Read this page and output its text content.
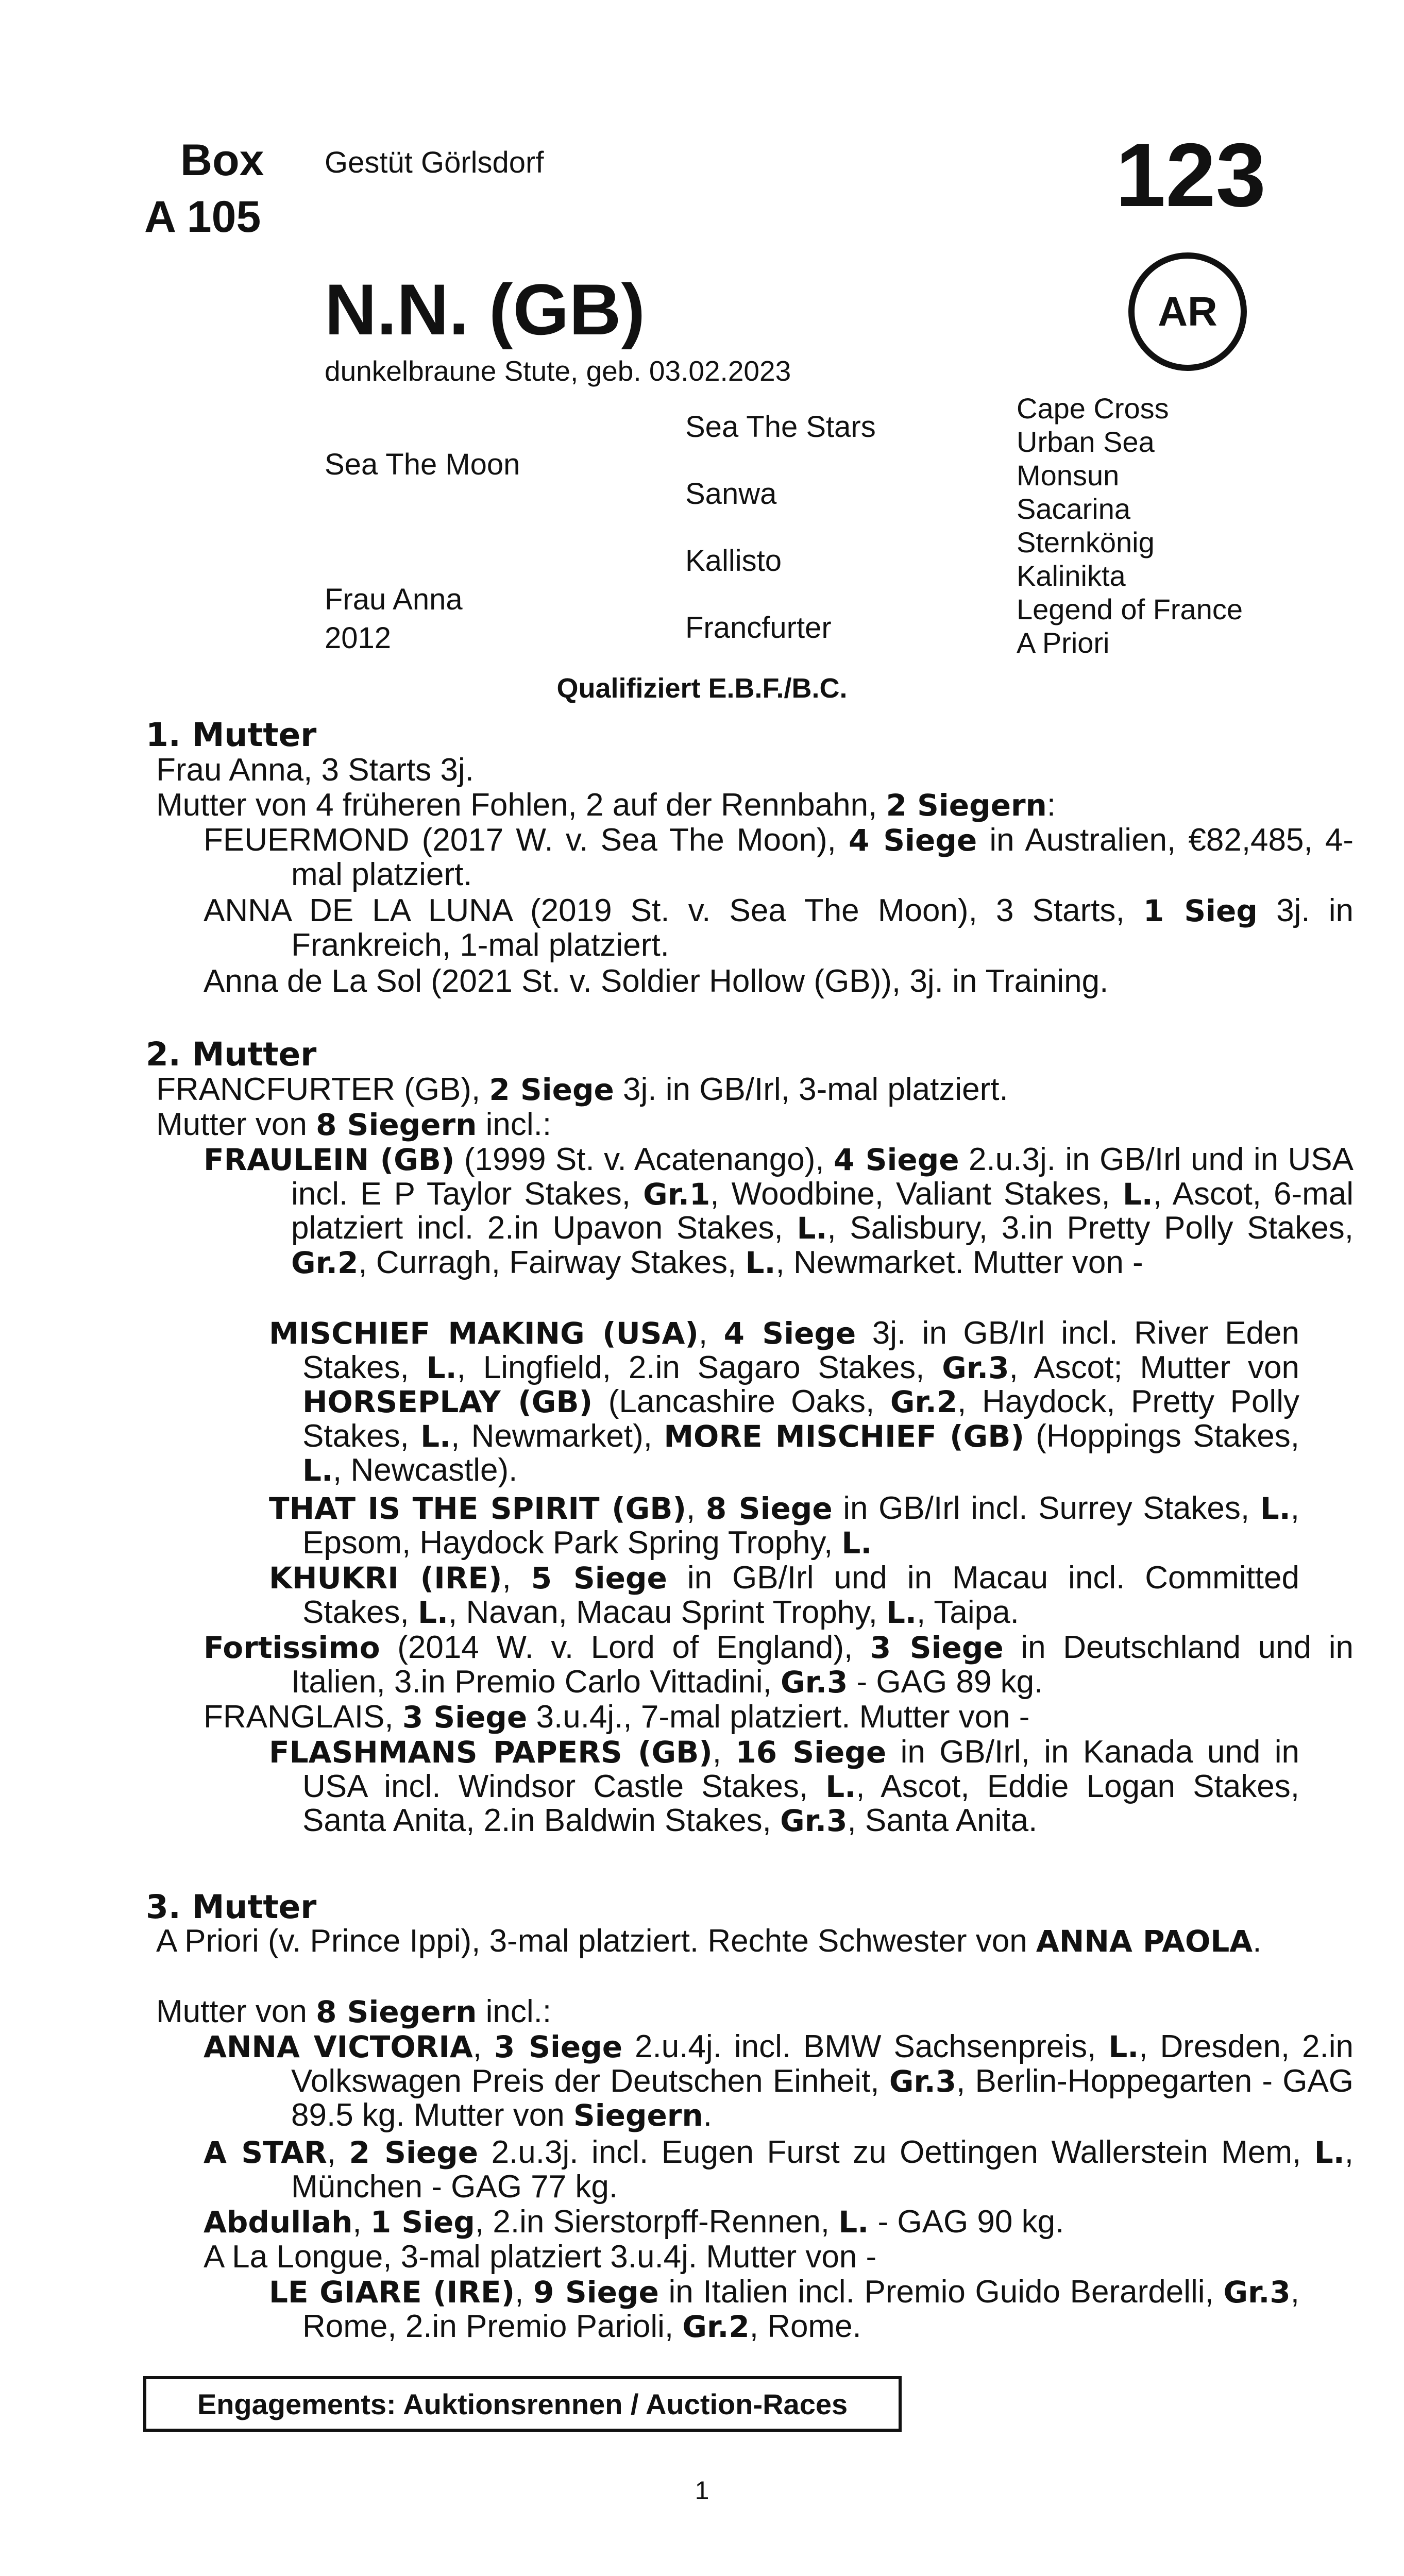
Box
A 105
Gestüt Görlsdorf	123
AR
N.N. (GB)
dunkelbraune Stute, geb. 03.02.2023
Sea The Moon
Frau Anna
2012
Sea The Stars
Sanwa
Kallisto
Francfurter
Cape Cross
Urban Sea
Monsun
Sacarina
Sternkönig
Kalinikta
Legend of France
A Priori
Qualifiziert E.B.F./B.C.
1. Mutter
Frau Anna, 3 Starts 3j.
Mutter von 4 früheren Fohlen, 2 auf der Rennbahn, 2 Siegern:
FEUERMOND (2017 W. v. Sea The Moon), 4 Siege in Australien, €82,485, 4-mal platziert.
ANNA DE LA LUNA (2019 St. v. Sea The Moon), 3 Starts, 1 Sieg 3j. in Frankreich, 1-mal platziert.
Anna de La Sol (2021 St. v. Soldier Hollow (GB)), 3j. in Training.
2. Mutter
FRANCFURTER (GB), 2 Siege 3j. in GB/Irl, 3-mal platziert.
Mutter von 8 Siegern incl.:
FRAULEIN (GB) (1999 St. v. Acatenango), 4 Siege 2.u.3j. in GB/Irl und in USA incl. E P Taylor Stakes, Gr.1, Woodbine, Valiant Stakes, L., Ascot, 6-mal platziert incl. 2.in Upavon Stakes, L., Salisbury, 3.in Pretty Polly Stakes, Gr.2, Curragh, Fairway Stakes, L., Newmarket. Mutter von -
MISCHIEF MAKING (USA), 4 Siege 3j. in GB/Irl incl. River Eden Stakes, L., Lingfield, 2.in Sagaro Stakes, Gr.3, Ascot; Mutter von HORSEPLAY (GB) (Lancashire Oaks, Gr.2, Haydock, Pretty Polly Stakes, L., Newmarket), MORE MISCHIEF (GB) (Hoppings Stakes, L., Newcastle).
THAT IS THE SPIRIT (GB), 8 Siege in GB/Irl incl. Surrey Stakes, L., Epsom, Haydock Park Spring Trophy, L.
KHUKRI (IRE), 5 Siege in GB/Irl und in Macau incl. Committed Stakes, L., Navan, Macau Sprint Trophy, L., Taipa.
Fortissimo (2014 W. v. Lord of England), 3 Siege in Deutschland und in Italien, 3.in Premio Carlo Vittadini, Gr.3 - GAG 89 kg.
FRANGLAIS, 3 Siege 3.u.4j., 7-mal platziert. Mutter von -
FLASHMANS PAPERS (GB), 16 Siege in GB/Irl, in Kanada und in USA incl. Windsor Castle Stakes, L., Ascot, Eddie Logan Stakes, Santa Anita, 2.in Baldwin Stakes, Gr.3, Santa Anita.
3. Mutter
A Priori (v. Prince Ippi), 3-mal platziert. Rechte Schwester von ANNA PAOLA.
Mutter von 8 Siegern incl.:
ANNA VICTORIA, 3 Siege 2.u.4j. incl. BMW Sachsenpreis, L., Dresden, 2.in Volkswagen Preis der Deutschen Einheit, Gr.3, Berlin-Hoppegarten - GAG 89.5 kg. Mutter von Siegern.
A STAR, 2 Siege 2.u.3j. incl. Eugen Furst zu Oettingen Wallerstein Mem, L., München - GAG 77 kg.
Abdullah, 1 Sieg, 2.in Sierstorpff-Rennen, L. - GAG 90 kg.
A La Longue, 3-mal platziert 3.u.4j. Mutter von -
LE GIARE (IRE), 9 Siege in Italien incl. Premio Guido Berardelli, Gr.3, Rome, 2.in Premio Parioli, Gr.2, Rome.
Engagements: Auktionsrennen / Auction-Races
1
